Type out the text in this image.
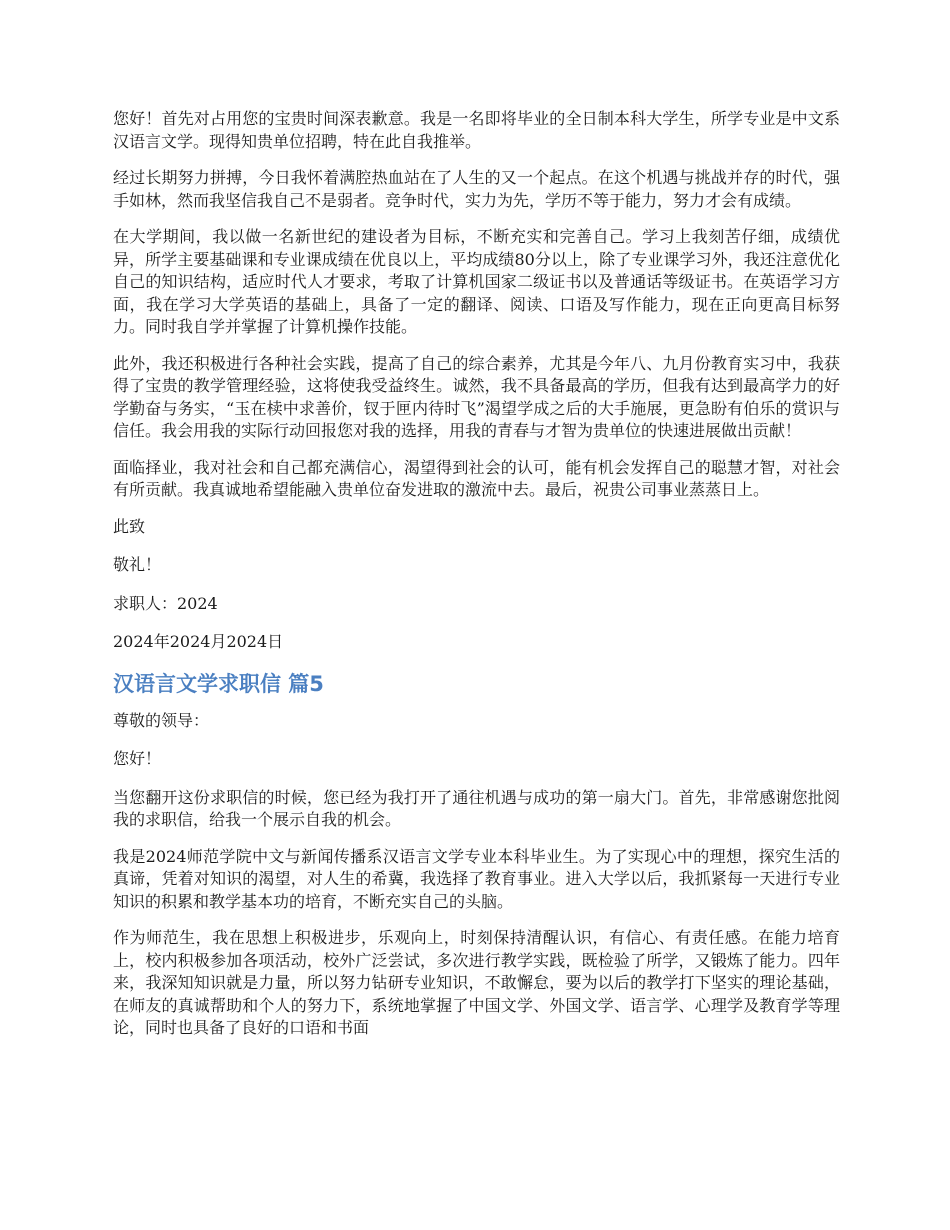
您好！首先对占用您的宝贵时间深表歉意。我是一名即将毕业的全日制本科大学生，所学专业是中文系汉语言文学。现得知贵单位招聘，特在此自我推举。

经过长期努力拼搏，今日我怀着满腔热血站在了人生的又一个起点。在这个机遇与挑战并存的时代，强手如林，然而我坚信我自己不是弱者。竞争时代，实力为先，学历不等于能力，努力才会有成绩。

在大学期间，我以做一名新世纪的建设者为目标，不断充实和完善自己。学习上我刻苦仔细，成绩优异，所学主要基础课和专业课成绩在优良以上，平均成绩80分以上，除了专业课学习外，我还注意优化自己的知识结构，适应时代人才要求，考取了计算机国家二级证书以及普通话等级证书。在英语学习方面，我在学习大学英语的基础上，具备了一定的翻译、阅读、口语及写作能力，现在正向更高目标努力。同时我自学并掌握了计算机操作技能。

此外，我还积极进行各种社会实践，提高了自己的综合素养，尤其是今年八、九月份教育实习中，我获得了宝贵的教学管理经验，这将使我受益终生。诚然，我不具备最高的学历，但我有达到最高学力的好学勤奋与务实，“玉在椟中求善价，钗于匣内待时飞”渴望学成之后的大手施展，更急盼有伯乐的赏识与信任。我会用我的实际行动回报您对我的选择，用我的青春与才智为贵单位的快速进展做出贡献！

面临择业，我对社会和自己都充满信心，渴望得到社会的认可，能有机会发挥自己的聪慧才智，对社会有所贡献。我真诚地希望能融入贵单位奋发进取的激流中去。最后，祝贵公司事业蒸蒸日上。

此致

敬礼！

求职人：2024

2024年2024月2024日

汉语言文学求职信 篇5

尊敬的领导：

您好！

当您翻开这份求职信的时候，您已经为我打开了通往机遇与成功的第一扇大门。首先，非常感谢您批阅我的求职信，给我一个展示自我的机会。

我是2024师范学院中文与新闻传播系汉语言文学专业本科毕业生。为了实现心中的理想，探究生活的真谛，凭着对知识的渴望，对人生的希冀，我选择了教育事业。进入大学以后，我抓紧每一天进行专业知识的积累和教学基本功的培育，不断充实自己的头脑。

作为师范生，我在思想上积极进步，乐观向上，时刻保持清醒认识，有信心、有责任感。在能力培育上，校内积极参加各项活动，校外广泛尝试，多次进行教学实践，既检验了所学，又锻炼了能力。四年来，我深知知识就是力量，所以努力钻研专业知识，不敢懈怠，要为以后的教学打下坚实的理论基础，在师友的真诚帮助和个人的努力下，系统地掌握了中国文学、外国文学、语言学、心理学及教育学等理论，同时也具备了良好的口语和书面
